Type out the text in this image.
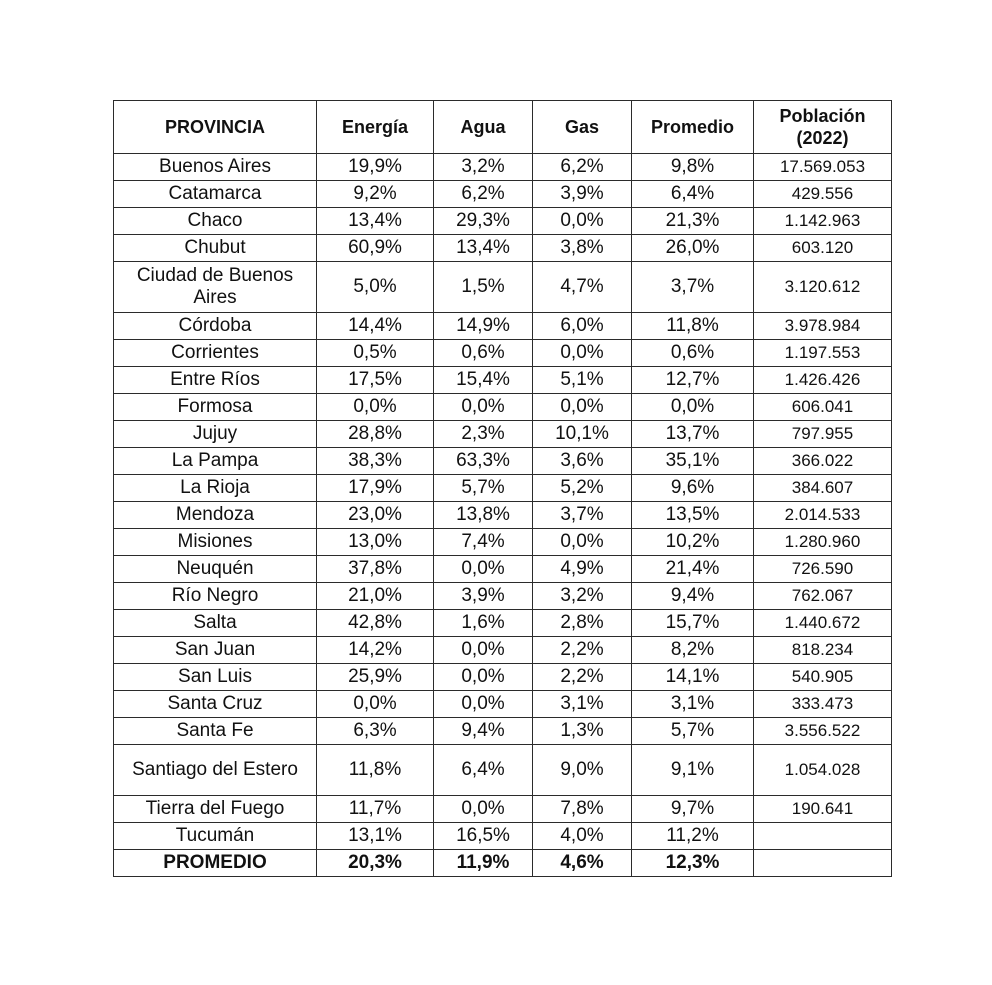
PROVINCIA	Energía	Agua	Gas	Promedio	Población (2022)
Buenos Aires	19,9%	3,2%	6,2%	9,8%	17.569.053
Catamarca	9,2%	6,2%	3,9%	6,4%	429.556
Chaco	13,4%	29,3%	0,0%	21,3%	1.142.963
Chubut	60,9%	13,4%	3,8%	26,0%	603.120
Ciudad de Buenos Aires	5,0%	1,5%	4,7%	3,7%	3.120.612
Córdoba	14,4%	14,9%	6,0%	11,8%	3.978.984
Corrientes	0,5%	0,6%	0,0%	0,6%	1.197.553
Entre Ríos	17,5%	15,4%	5,1%	12,7%	1.426.426
Formosa	0,0%	0,0%	0,0%	0,0%	606.041
Jujuy	28,8%	2,3%	10,1%	13,7%	797.955
La Pampa	38,3%	63,3%	3,6%	35,1%	366.022
La Rioja	17,9%	5,7%	5,2%	9,6%	384.607
Mendoza	23,0%	13,8%	3,7%	13,5%	2.014.533
Misiones	13,0%	7,4%	0,0%	10,2%	1.280.960
Neuquén	37,8%	0,0%	4,9%	21,4%	726.590
Río Negro	21,0%	3,9%	3,2%	9,4%	762.067
Salta	42,8%	1,6%	2,8%	15,7%	1.440.672
San Juan	14,2%	0,0%	2,2%	8,2%	818.234
San Luis	25,9%	0,0%	2,2%	14,1%	540.905
Santa Cruz	0,0%	0,0%	3,1%	3,1%	333.473
Santa Fe	6,3%	9,4%	1,3%	5,7%	3.556.522
Santiago del Estero	11,8%	6,4%	9,0%	9,1%	1.054.028
Tierra del Fuego	11,7%	0,0%	7,8%	9,7%	190.641
Tucumán	13,1%	16,5%	4,0%	11,2%	
PROMEDIO	20,3%	11,9%	4,6%	12,3%	
